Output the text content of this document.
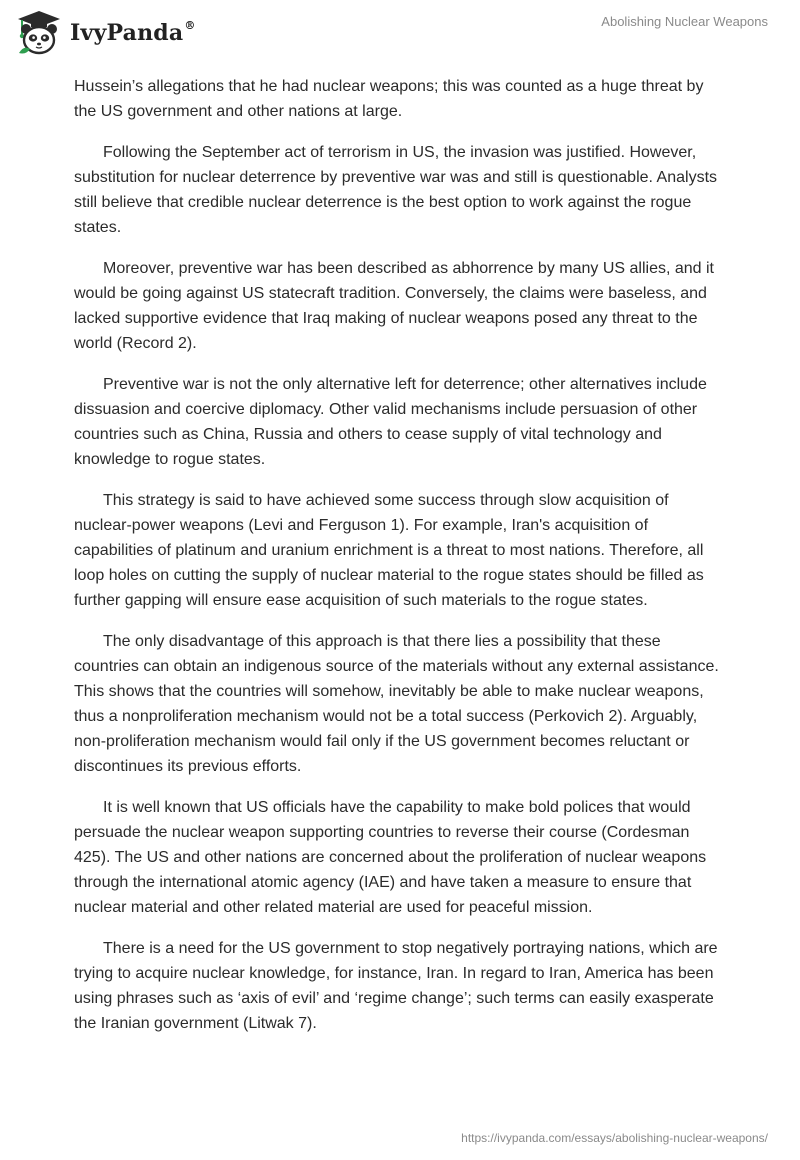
IvyPanda®	Abolishing Nuclear Weapons

Hussein’s allegations that he had nuclear weapons; this was counted as a huge threat by the US government and other nations at large.

Following the September act of terrorism in US, the invasion was justified. However, substitution for nuclear deterrence by preventive war was and still is questionable. Analysts still believe that credible nuclear deterrence is the best option to work against the rogue states.

Moreover, preventive war has been described as abhorrence by many US allies, and it would be going against US statecraft tradition. Conversely, the claims were baseless, and lacked supportive evidence that Iraq making of nuclear weapons posed any threat to the world (Record 2).

Preventive war is not the only alternative left for deterrence; other alternatives include dissuasion and coercive diplomacy. Other valid mechanisms include persuasion of other countries such as China, Russia and others to cease supply of vital technology and knowledge to rogue states.

This strategy is said to have achieved some success through slow acquisition of nuclear-power weapons (Levi and Ferguson 1). For example, Iran's acquisition of capabilities of platinum and uranium enrichment is a threat to most nations. Therefore, all loop holes on cutting the supply of nuclear material to the rogue states should be filled as further gapping will ensure ease acquisition of such materials to the rogue states.

The only disadvantage of this approach is that there lies a possibility that these countries can obtain an indigenous source of the materials without any external assistance. This shows that the countries will somehow, inevitably be able to make nuclear weapons, thus a nonproliferation mechanism would not be a total success (Perkovich 2). Arguably, non-proliferation mechanism would fail only if the US government becomes reluctant or discontinues its previous efforts.

It is well known that US officials have the capability to make bold polices that would persuade the nuclear weapon supporting countries to reverse their course (Cordesman 425). The US and other nations are concerned about the proliferation of nuclear weapons through the international atomic agency (IAE) and have taken a measure to ensure that nuclear material and other related material are used for peaceful mission.

There is a need for the US government to stop negatively portraying nations, which are trying to acquire nuclear knowledge, for instance, Iran. In regard to Iran, America has been using phrases such as ‘axis of evil’ and ‘regime change’; such terms can easily exasperate the Iranian government (Litwak 7).

https://ivypanda.com/essays/abolishing-nuclear-weapons/
